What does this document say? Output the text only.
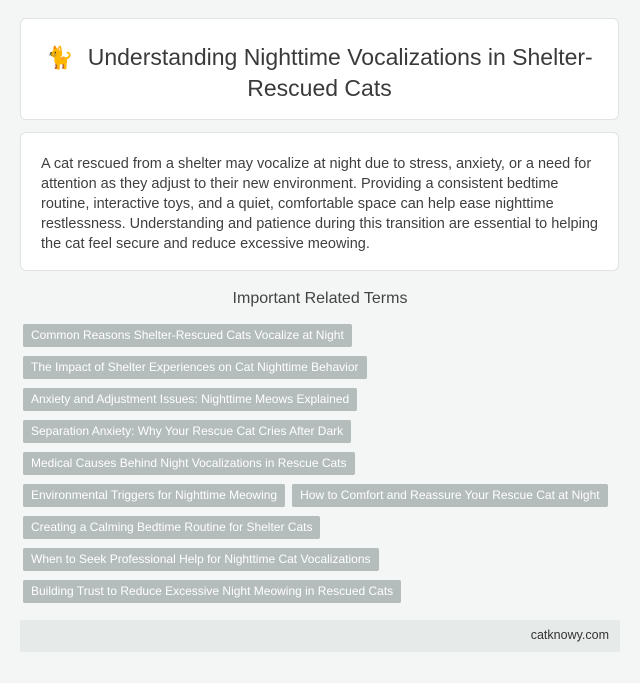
🐈 Understanding Nighttime Vocalizations in Shelter-Rescued Cats

A cat rescued from a shelter may vocalize at night due to stress, anxiety, or a need for attention as they adjust to their new environment. Providing a consistent bedtime routine, interactive toys, and a quiet, comfortable space can help ease nighttime restlessness. Understanding and patience during this transition are essential to helping the cat feel secure and reduce excessive meowing.

Important Related Terms
Common Reasons Shelter-Rescued Cats Vocalize at Night
The Impact of Shelter Experiences on Cat Nighttime Behavior
Anxiety and Adjustment Issues: Nighttime Meows Explained
Separation Anxiety: Why Your Rescue Cat Cries After Dark
Medical Causes Behind Night Vocalizations in Rescue Cats
Environmental Triggers for Nighttime Meowing	How to Comfort and Reassure Your Rescue Cat at Night
Creating a Calming Bedtime Routine for Shelter Cats
When to Seek Professional Help for Nighttime Cat Vocalizations
Building Trust to Reduce Excessive Night Meowing in Rescued Cats
catknowy.com
